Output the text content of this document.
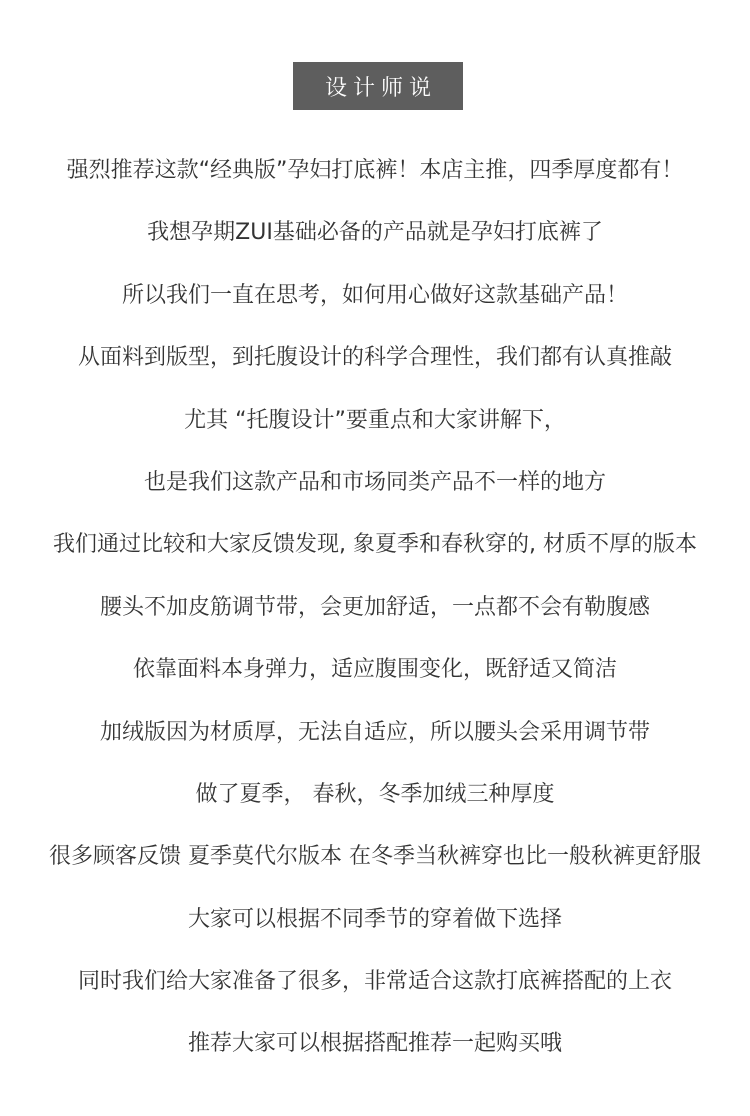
设计师说
强烈推荐这款“经典版”孕妇打底裤！本店主推，四季厚度都有！
我想孕期ZUI基础必备的产品就是孕妇打底裤了
所以我们一直在思考，如何用心做好这款基础产品！
从面料到版型，到托腹设计的科学合理性，我们都有认真推敲
尤其 “托腹设计”要重点和大家讲解下，
也是我们这款产品和市场同类产品不一样的地方
我们通过比较和大家反馈发现, 象夏季和春秋穿的, 材质不厚的版本
腰头不加皮筋调节带，会更加舒适，一点都不会有勒腹感
依靠面料本身弹力，适应腹围变化，既舒适又简洁
加绒版因为材质厚，无法自适应，所以腰头会采用调节带
做了夏季， 春秋，冬季加绒三种厚度
很多顾客反馈 夏季莫代尔版本 在冬季当秋裤穿也比一般秋裤更舒服
大家可以根据不同季节的穿着做下选择
同时我们给大家准备了很多，非常适合这款打底裤搭配的上衣
推荐大家可以根据搭配推荐一起购买哦
